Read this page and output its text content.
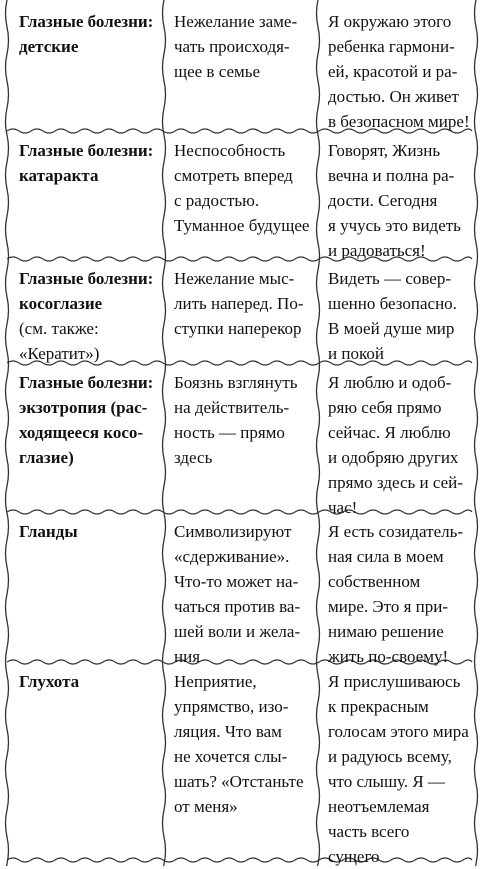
Глазные болезни:
детские
Нежелание заме-
чать происходя-
щее в семье
Я окружаю этого
ребенка гармони-
ей, красотой и ра-
достью. Он живет
в безопасном мире!
Глазные болезни:
катаракта
Неспособность
смотреть вперед
с радостью.
Туманное будущее
Говорят, Жизнь
вечна и полна ра-
дости. Сегодня
я учусь это видеть
и радоваться!
Глазные болезни:
косоглазие
(см. также:
«Кератит»)
Нежелание мыс-
лить наперед. По-
ступки наперекор
Видеть — совер-
шенно безопасно.
В моей душе мир
и покой
Глазные болезни:
экзотропия (рас-
ходящееся косо-
глазие)
Боязнь взглянуть
на действитель-
ность — прямо
здесь
Я люблю и одоб-
ряю себя прямо
сейчас. Я люблю
и одобряю других
прямо здесь и сей-
час!
Гланды	Символизируют
«сдерживание».
Что-то может на-
чаться против ва-
шей воли и жела-
ния
Я есть созидатель-
ная сила в моем
собственном
мире. Это я при-
нимаю решение
жить по-своему!
Глухота	Неприятие,
упрямство, изо-
ляция. Что вам
не хочется слы-
шать? «Отстаньте
от меня»
Я прислушиваюсь
к прекрасным
голосам этого мира
и радуюсь всему,
что слышу. Я —
неотъемлемая
часть всего
сущего
